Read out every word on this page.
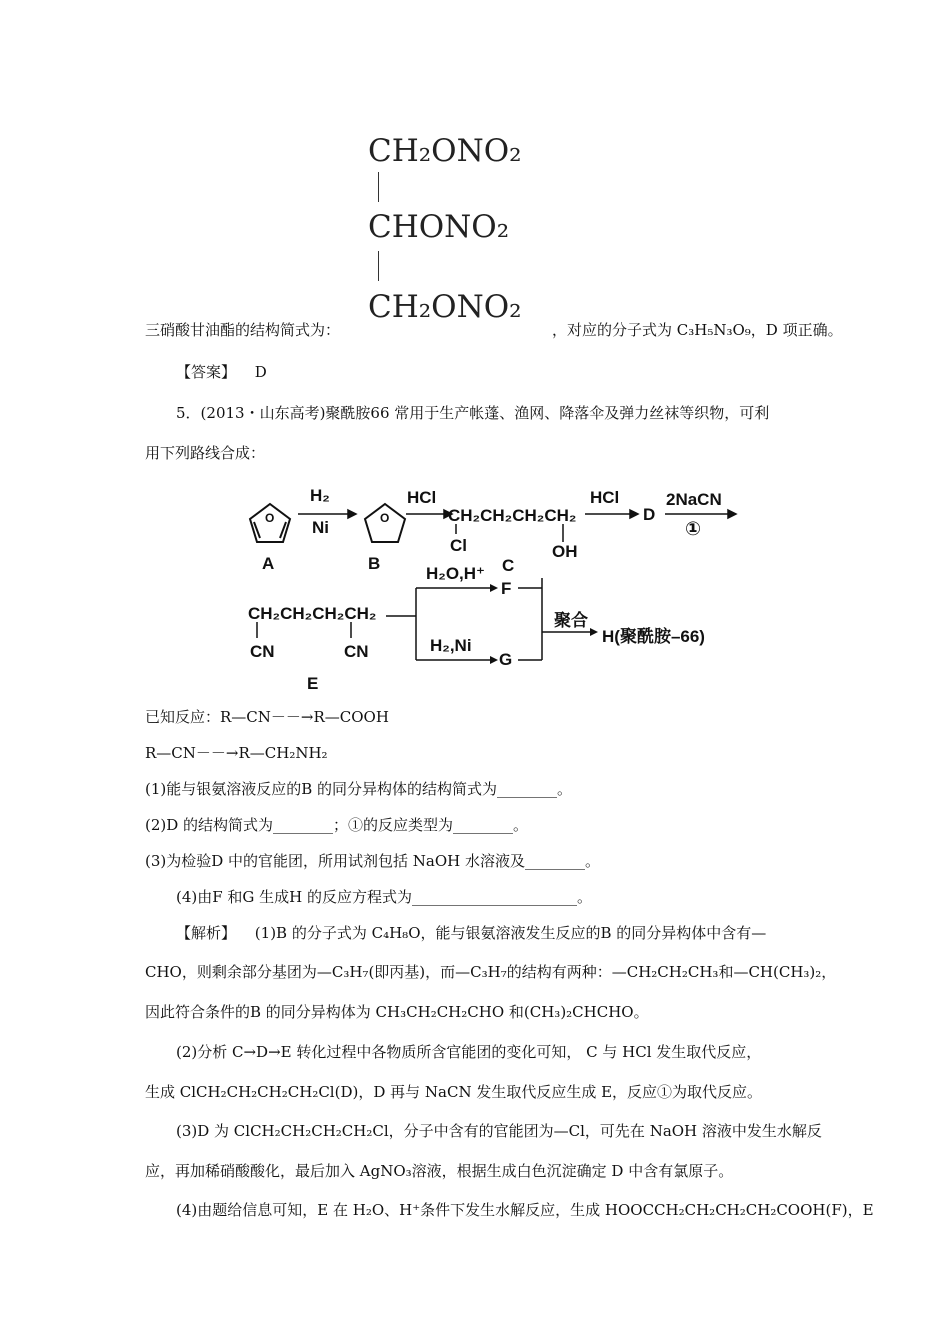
CH₂ONO₂
CHONO₂
CH₂ONO₂
三硝酸甘油酯的结构简式为：	，对应的分子式为 C₃H₅N₃O₉，D 项正确。
【答案】 D
5．(2013・山东高考)聚酰胺66 常用于生产帐蓬、渔网、降落伞及弹力丝袜等织物，可利
用下列路线合成：
O	O
H₂
Ni
HCl
CH₂CH₂CH₂CH₂
Cl	OH
HCl
D
2NaCN
①
A	B	C
CH₂CH₂CH₂CH₂
CN	CN
E
H₂O,H⁺
F
H₂,Ni
G
聚合
H(聚酰胺–66)
已知反应：R—CN－－→R—COOH
R—CN－－→R—CH₂NH₂
(1)能与银氨溶液反应的B 的同分异构体的结构简式为________。
(2)D 的结构简式为________；①的反应类型为________。
(3)为检验D 中的官能团，所用试剂包括 NaOH 水溶液及________。
(4)由F 和G 生成H 的反应方程式为______________________。
【解析】 (1)B 的分子式为 C₄H₈O，能与银氨溶液发生反应的B 的同分异构体中含有—
CHO，则剩余部分基团为—C₃H₇(即丙基)，而—C₃H₇的结构有两种：—CH₂CH₂CH₃和—CH(CH₃)₂，
因此符合条件的B 的同分异构体为 CH₃CH₂CH₂CHO 和(CH₃)₂CHCHO。
(2)分析 C→D→E 转化过程中各物质所含官能团的变化可知， C 与 HCl 发生取代反应，
生成 ClCH₂CH₂CH₂CH₂Cl(D)，D 再与 NaCN 发生取代反应生成 E，反应①为取代反应。
(3)D 为 ClCH₂CH₂CH₂CH₂Cl，分子中含有的官能团为—Cl，可先在 NaOH 溶液中发生水解反
应，再加稀硝酸酸化，最后加入 AgNO₃溶液，根据生成白色沉淀确定 D 中含有氯原子。
(4)由题给信息可知，E 在 H₂O、H⁺条件下发生水解反应，生成 HOOCCH₂CH₂CH₂CH₂COOH(F)，E
